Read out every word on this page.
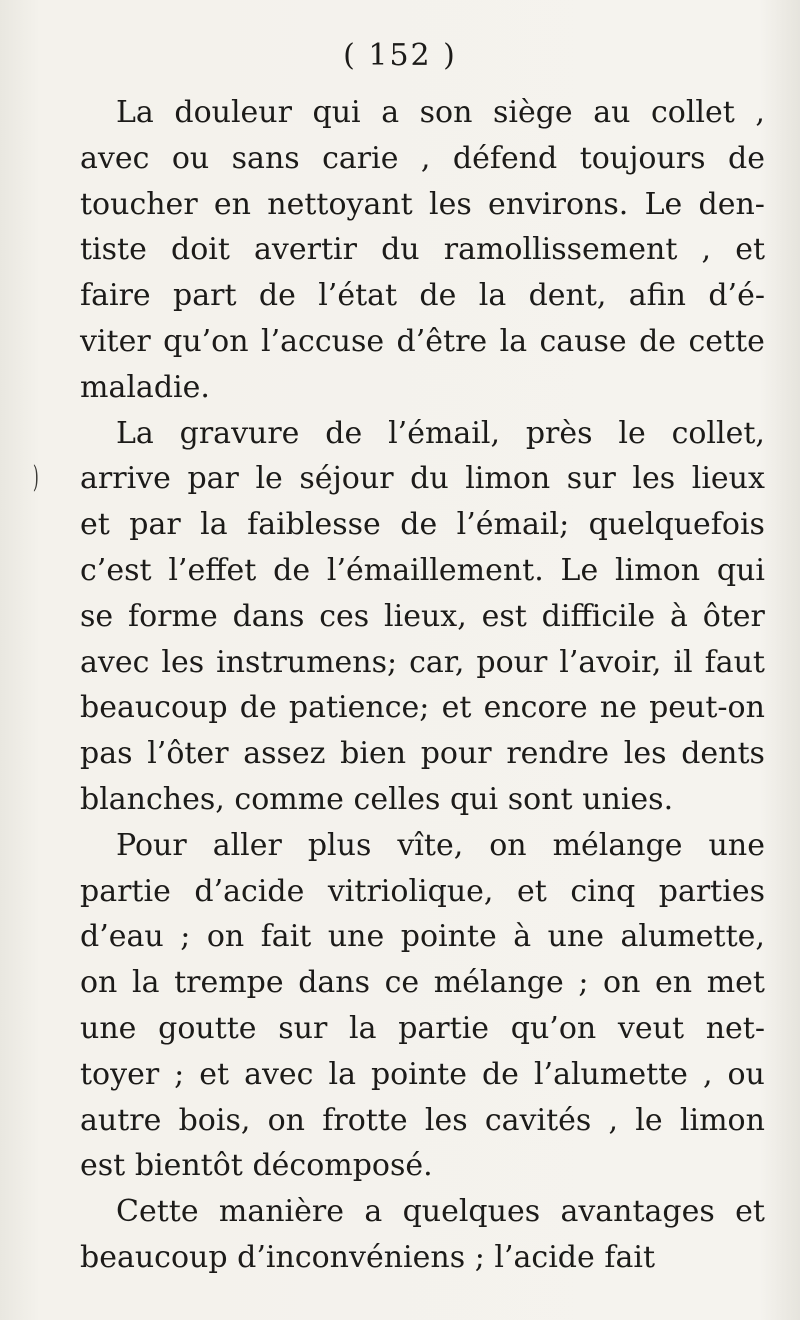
( 152 )
)
La douleur qui a son siège au collet ,
avec ou sans carie , défend toujours de
toucher en nettoyant les environs. Le den-
tiste doit avertir du ramollissement , et
faire part de l’état de la dent, afin d’é-
viter qu’on l’accuse d’être la cause de cette
maladie.
La gravure de l’émail, près le collet,
arrive par le séjour du limon sur les lieux
et par la faiblesse de l’émail; quelquefois
c’est l’effet de l’émaillement. Le limon qui
se forme dans ces lieux, est difficile à ôter
avec les instrumens; car, pour l’avoir, il faut
beaucoup de patience; et encore ne peut-on
pas l’ôter assez bien pour rendre les dents
blanches, comme celles qui sont unies.
Pour aller plus vîte, on mélange une
partie d’acide vitriolique, et cinq parties
d’eau ; on fait une pointe à une alumette,
on la trempe dans ce mélange ; on en met
une goutte sur la partie qu’on veut net-
toyer ; et avec la pointe de l’alumette , ou
autre bois, on frotte les cavités , le limon
est bientôt décomposé.
Cette manière a quelques avantages et
beaucoup d’inconvéniens ; l’acide fait
